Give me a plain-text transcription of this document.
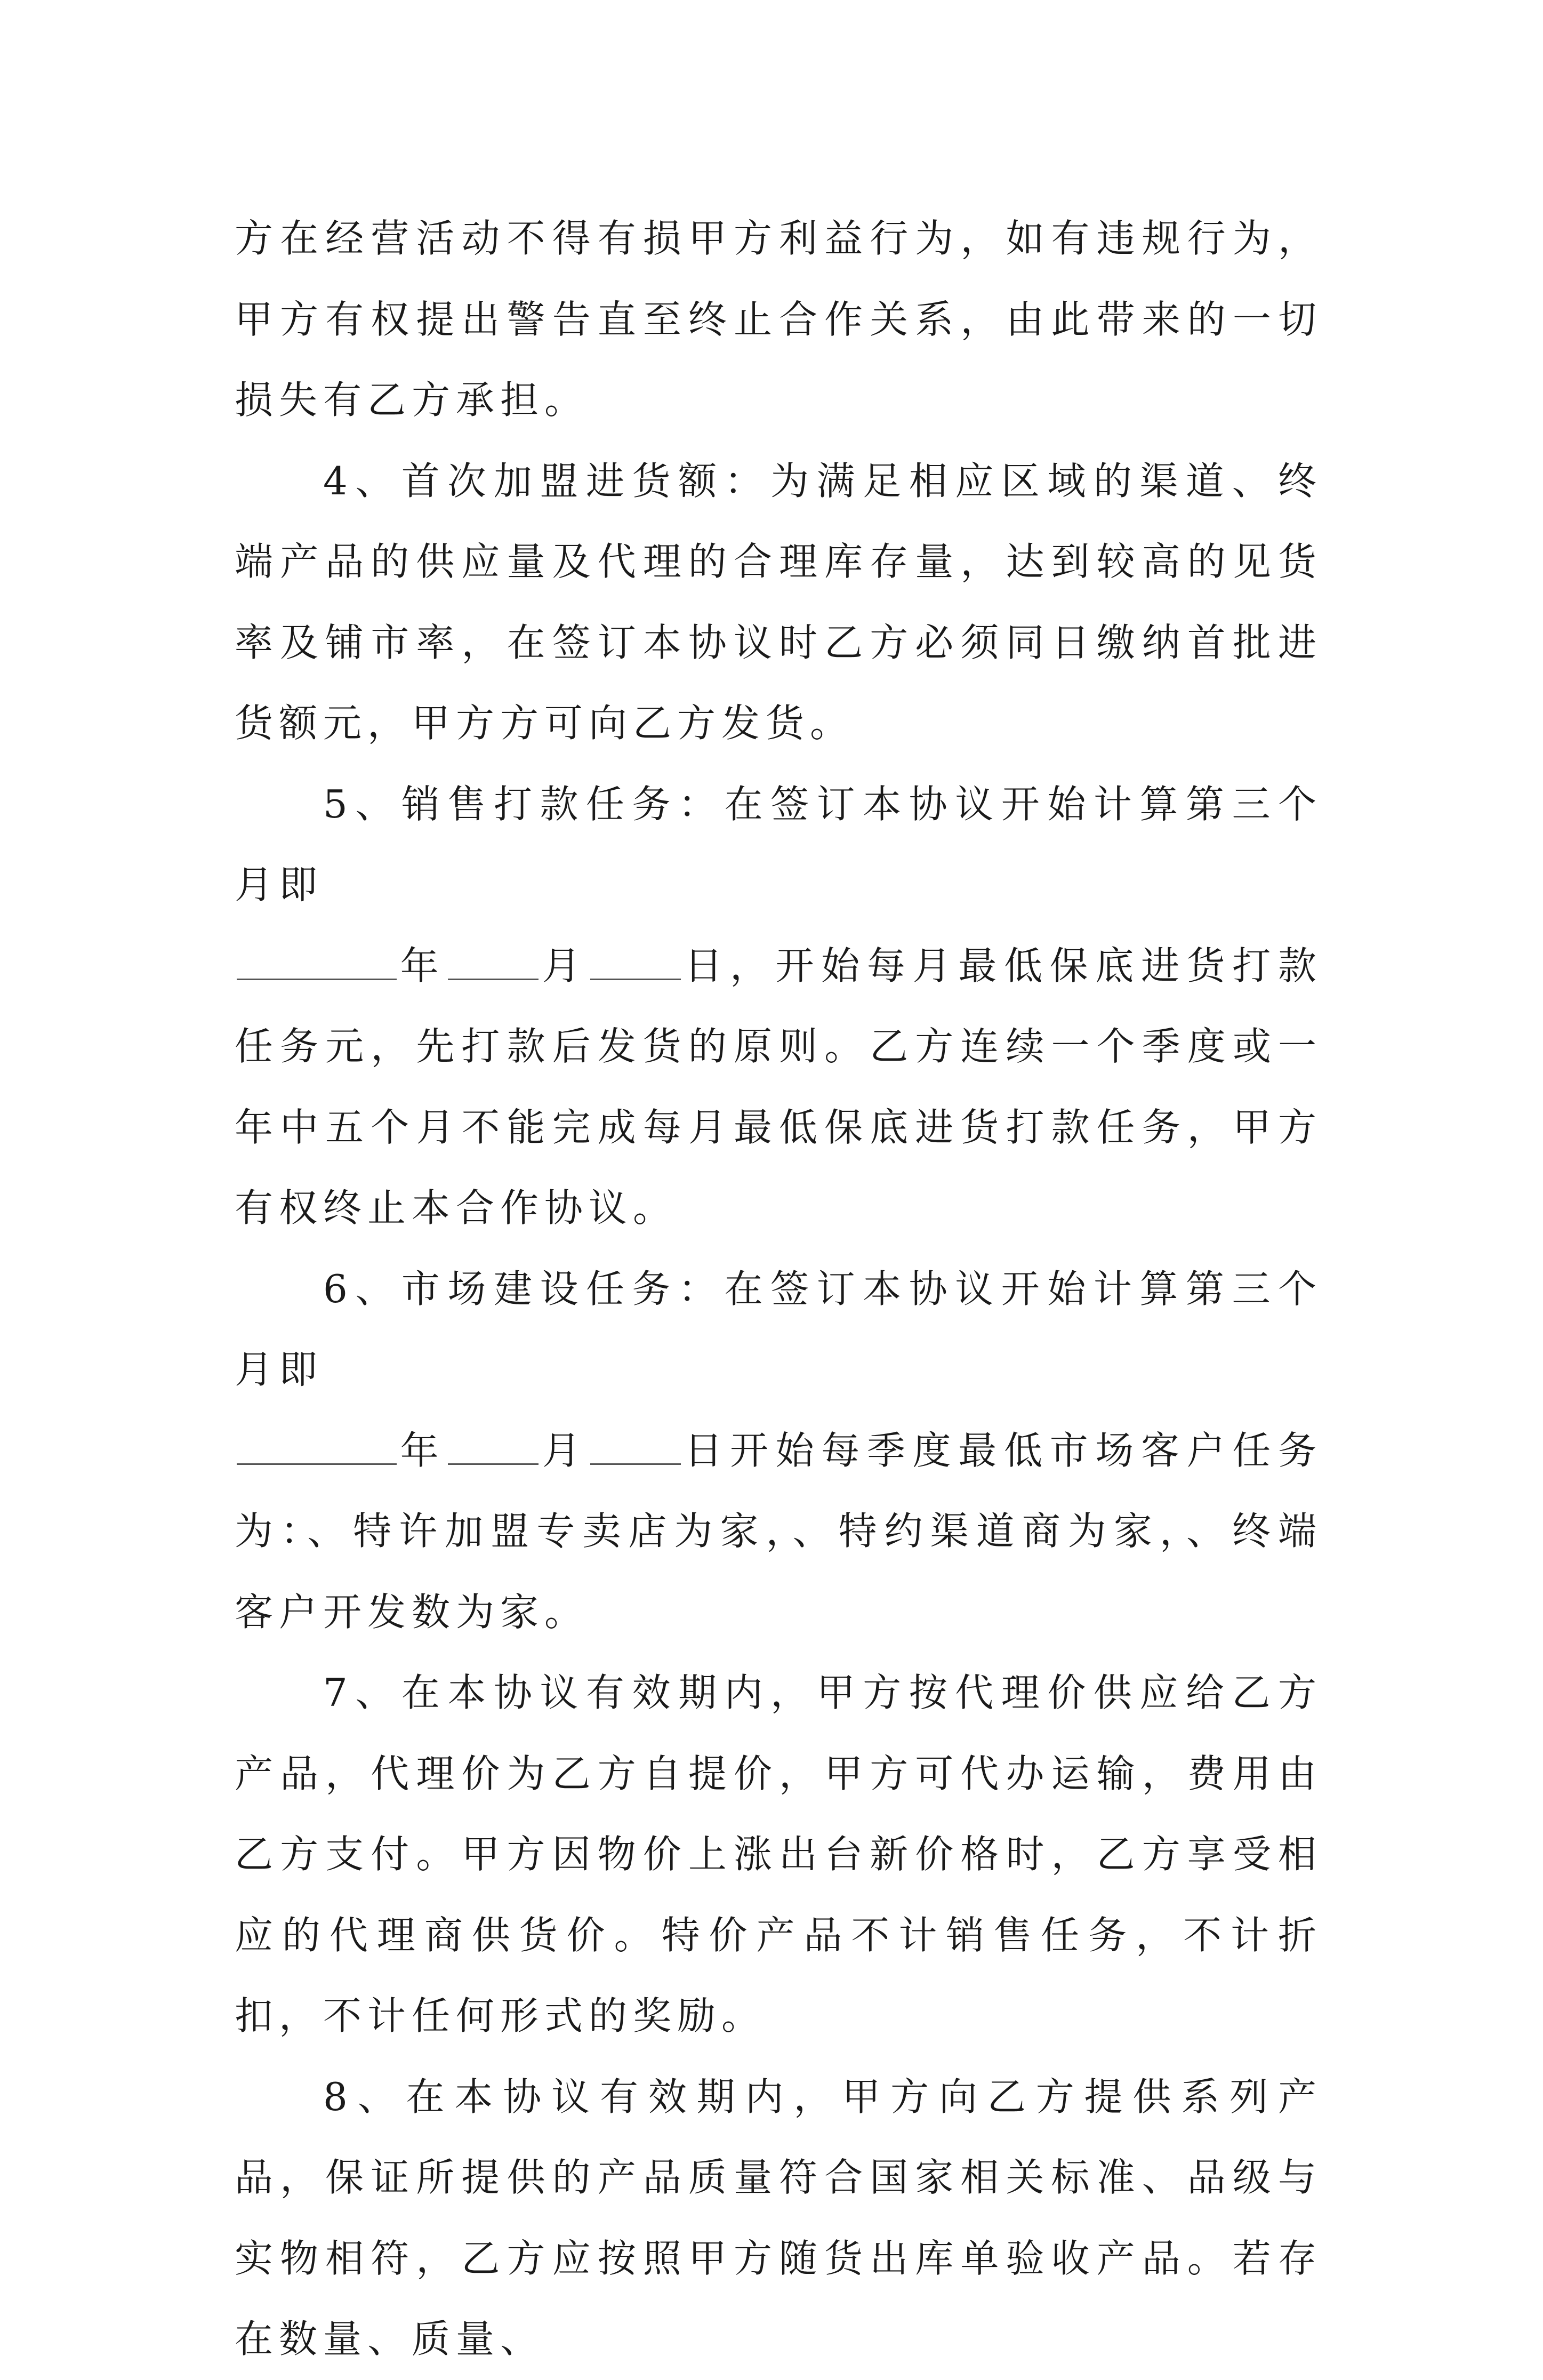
方在经营活动不得有损甲方利益行为，如有违规行为，甲方有权提出警告直至终止合作关系，由此带来的一切损失有乙方承担。

4、首次加盟进货额：为满足相应区域的渠道、终端产品的供应量及代理的合理库存量，达到较高的见货率及铺市率，在签订本协议时乙方必须同日缴纳首批进货额元，甲方方可向乙方发货。

5、销售打款任务：在签订本协议开始计算第三个月即
年 月 日，开始每月最低保底进货打款任务元，先打款后发货的原则。乙方连续一个季度或一年中五个月不能完成每月最低保底进货打款任务，甲方有权终止本合作协议。

6、市场建设任务：在签订本协议开始计算第三个月即
年 月 日开始每季度最低市场客户任务为：、特许加盟专卖店为家，、特约渠道商为家，、终端客户开发数为家。

7、在本协议有效期内，甲方按代理价供应给乙方产品，代理价为乙方自提价，甲方可代办运输，费用由乙方支付。甲方因物价上涨出台新价格时，乙方享受相应的代理商供货价。特价产品不计销售任务，不计折扣，不计任何形式的奖励。

8、在本协议有效期内，甲方向乙方提供系列产品，保证所提供的产品质量符合国家相关标准、品级与实物相符，乙方应按照甲方随货出库单验收产品。若存在数量、质量、
